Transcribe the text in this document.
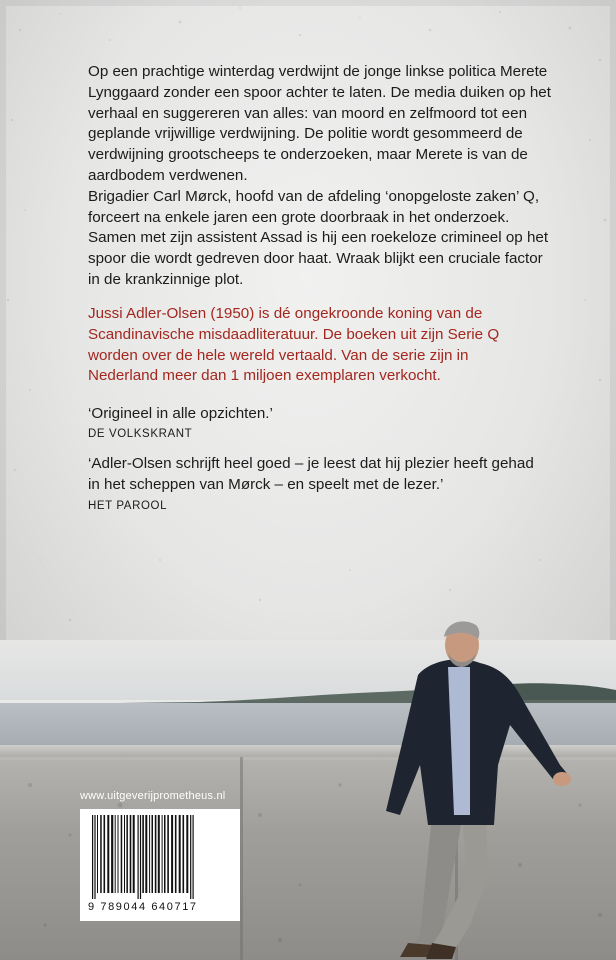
Op een prachtige winterdag verdwijnt de jonge linkse politica Merete

Lynggaard zonder een spoor achter te laten. De media duiken op het

verhaal en suggereren van alles: van moord en zelfmoord tot een

geplande vrijwillige verdwijning. De politie wordt gesommeerd de

verdwijning grootscheeps te onderzoeken, maar Merete is van de

aardbodem verdwenen.

Brigadier Carl Mørck, hoofd van de afdeling ‘onopgeloste zaken’ Q,

forceert na enkele jaren een grote doorbraak in het onderzoek.

Samen met zijn assistent Assad is hij een roekeloze crimineel op het

spoor die wordt gedreven door haat. Wraak blijkt een cruciale factor

in de krankzinnige plot.

Jussi Adler-Olsen (1950) is dé ongekroonde koning van de
Scandinavische misdaadliteratuur. De boeken uit zijn Serie Q
worden over de hele wereld vertaald. Van de serie zijn in
Nederland meer dan 1 miljoen exemplaren verkocht.
‘Origineel in alle opzichten.’
DE VOLKSKRANT
‘Adler-Olsen schrijft heel goed – je leest dat hij plezier heeft gehad
in het scheppen van Mørck – en speelt met de lezer.’
HET PAROOL
www.uitgeverijprometheus.nl
9 789044 640717
